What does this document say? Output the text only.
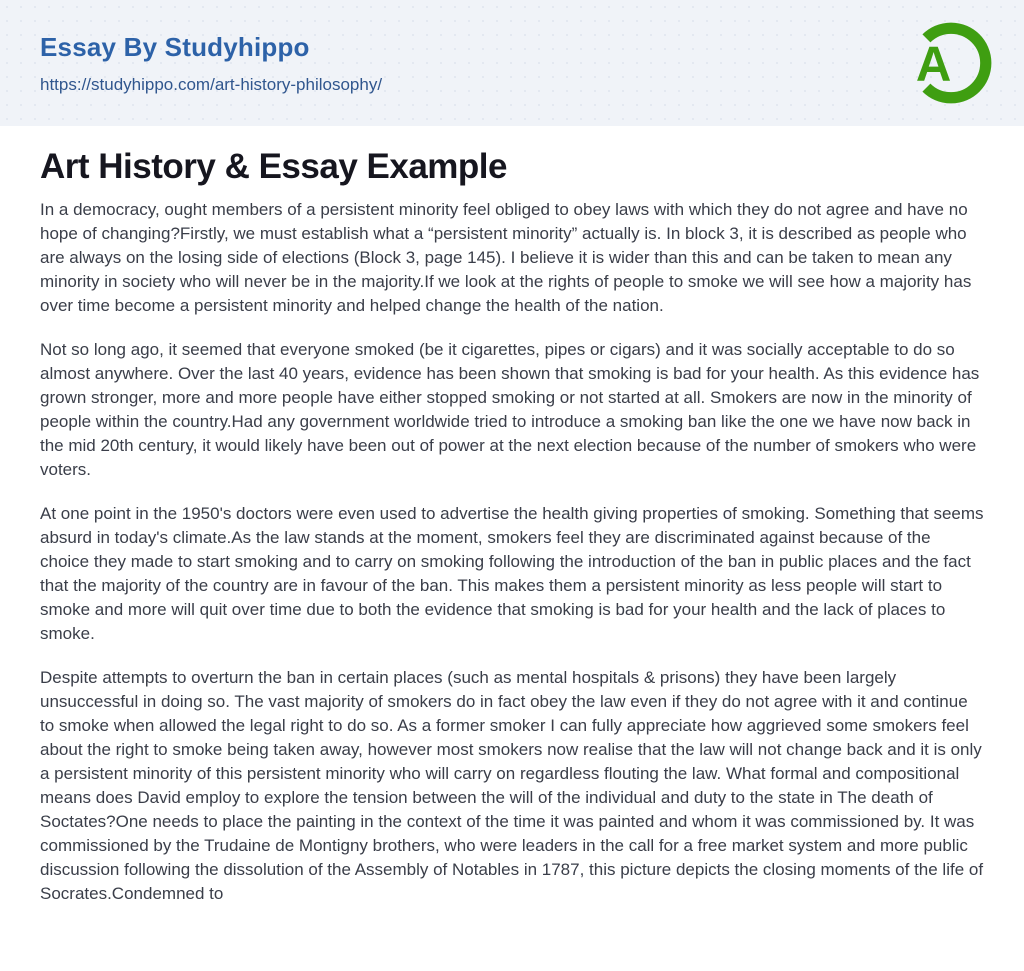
Essay By Studyhippo
https://studyhippo.com/art-history-philosophy/	A
Art History & Essay Example

In a democracy, ought members of a persistent minority feel obliged to obey laws with which they do not agree and have no hope of changing?Firstly, we must establish what a “persistent minority” actually is. In block 3, it is described as people who are always on the losing side of elections (Block 3, page 145). I believe it is wider than this and can be taken to mean any minority in society who will never be in the majority.If we look at the rights of people to smoke we will see how a majority has over time become a persistent minority and helped change the health of the nation.

Not so long ago, it seemed that everyone smoked (be it cigarettes, pipes or cigars) and it was socially acceptable to do so almost anywhere. Over the last 40 years, evidence has been shown that smoking is bad for your health. As this evidence has grown stronger, more and more people have either stopped smoking or not started at all. Smokers are now in the minority of people within the country.Had any government worldwide tried to introduce a smoking ban like the one we have now back in the mid 20th century, it would likely have been out of power at the next election because of the number of smokers who were voters.

At one point in the 1950's doctors were even used to advertise the health giving properties of smoking. Something that seems absurd in today's climate.As the law stands at the moment, smokers feel they are discriminated against because of the choice they made to start smoking and to carry on smoking following the introduction of the ban in public places and the fact that the majority of the country are in favour of the ban. This makes them a persistent minority as less people will start to smoke and more will quit over time due to both the evidence that smoking is bad for your health and the lack of places to smoke.

Despite attempts to overturn the ban in certain places (such as mental hospitals & prisons) they have been largely unsuccessful in doing so. The vast majority of smokers do in fact obey the law even if they do not agree with it and continue to smoke when allowed the legal right to do so. As a former smoker I can fully appreciate how aggrieved some smokers feel about the right to smoke being taken away, however most smokers now realise that the law will not change back and it is only a persistent minority of this persistent minority who will carry on regardless flouting the law. What formal and compositional means does David employ to explore the tension between the will of the individual and duty to the state in The death of Soctates?One needs to place the painting in the context of the time it was painted and whom it was commissioned by. It was commissioned by the Trudaine de Montigny brothers, who were leaders in the call for a free market system and more public discussion following the dissolution of the Assembly of Notables in 1787, this picture depicts the closing moments of the life of Socrates.Condemned to
